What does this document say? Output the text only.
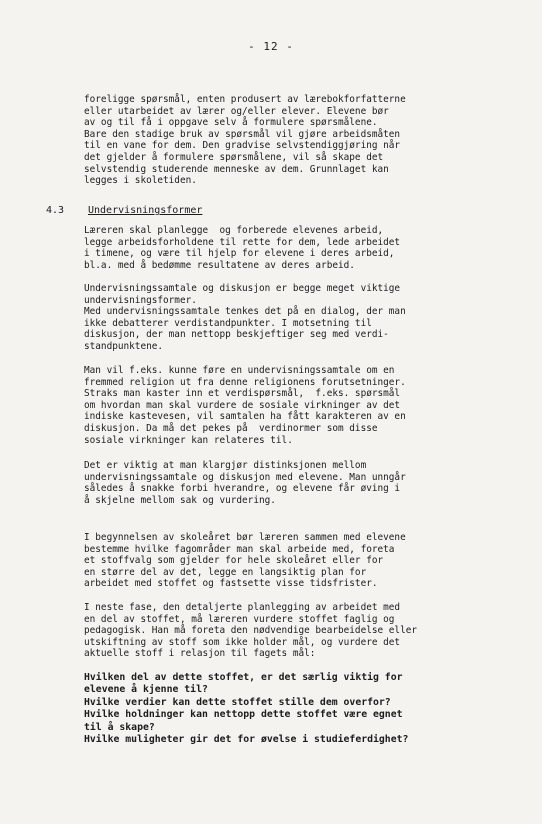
- 12 -
foreligge spørsmål, enten produsert av lærebokforfatterne
eller utarbeidet av lærer og/eller elever. Elevene bør
av og til få i oppgave selv å formulere spørsmålene.
Bare den stadige bruk av spørsmål vil gjøre arbeidsmåten
til en vane for dem. Den gradvise selvstendiggjøring når
det gjelder å formulere spørsmålene, vil så skape det
selvstendig studerende menneske av dem. Grunnlaget kan
legges i skoletiden.
4.3 Undervisningsformer
Læreren skal planlegge  og forberede elevenes arbeid,
legge arbeidsforholdene til rette for dem, lede arbeidet
i timene, og være til hjelp for elevene i deres arbeid,
bl.a. med å bedømme resultatene av deres arbeid.
Undervisningssamtale og diskusjon er begge meget viktige
undervisningsformer.
Med undervisningssamtale tenkes det på en dialog, der man
ikke debatterer verdistandpunkter. I motsetning til
diskusjon, der man nettopp beskjeftiger seg med verdi-
standpunktene.
Man vil f.eks. kunne føre en undervisningssamtale om en
fremmed religion ut fra denne religionens forutsetninger.
Straks man kaster inn et verdispørsmål,  f.eks. spørsmål
om hvordan man skal vurdere de sosiale virkninger av det
indiske kastevesen, vil samtalen ha fått karakteren av en
diskusjon. Da må det pekes på  verdinormer som disse
sosiale virkninger kan relateres til.
Det er viktig at man klargjør distinksjonen mellom
undervisningssamtale og diskusjon med elevene. Man unngår
således å snakke forbi hverandre, og elevene får øving i
å skjelne mellom sak og vurdering.
I begynnelsen av skoleåret bør læreren sammen med elevene
bestemme hvilke fagområder man skal arbeide med, foreta
et stoffvalg som gjelder for hele skoleåret eller for
en større del av det, legge en langsiktig plan for
arbeidet med stoffet og fastsette visse tidsfrister.
I neste fase, den detaljerte planlegging av arbeidet med
en del av stoffet, må læreren vurdere stoffet faglig og
pedagogisk. Han må foreta den nødvendige bearbeidelse eller
utskiftning av stoff som ikke holder mål, og vurdere det
aktuelle stoff i relasjon til fagets mål:
Hvilken del av dette stoffet, er det særlig viktig for
elevene å kjenne til?
Hvilke verdier kan dette stoffet stille dem overfor?
Hvilke holdninger kan nettopp dette stoffet være egnet
til å skape?
Hvilke muligheter gir det for øvelse i studieferdighet?
